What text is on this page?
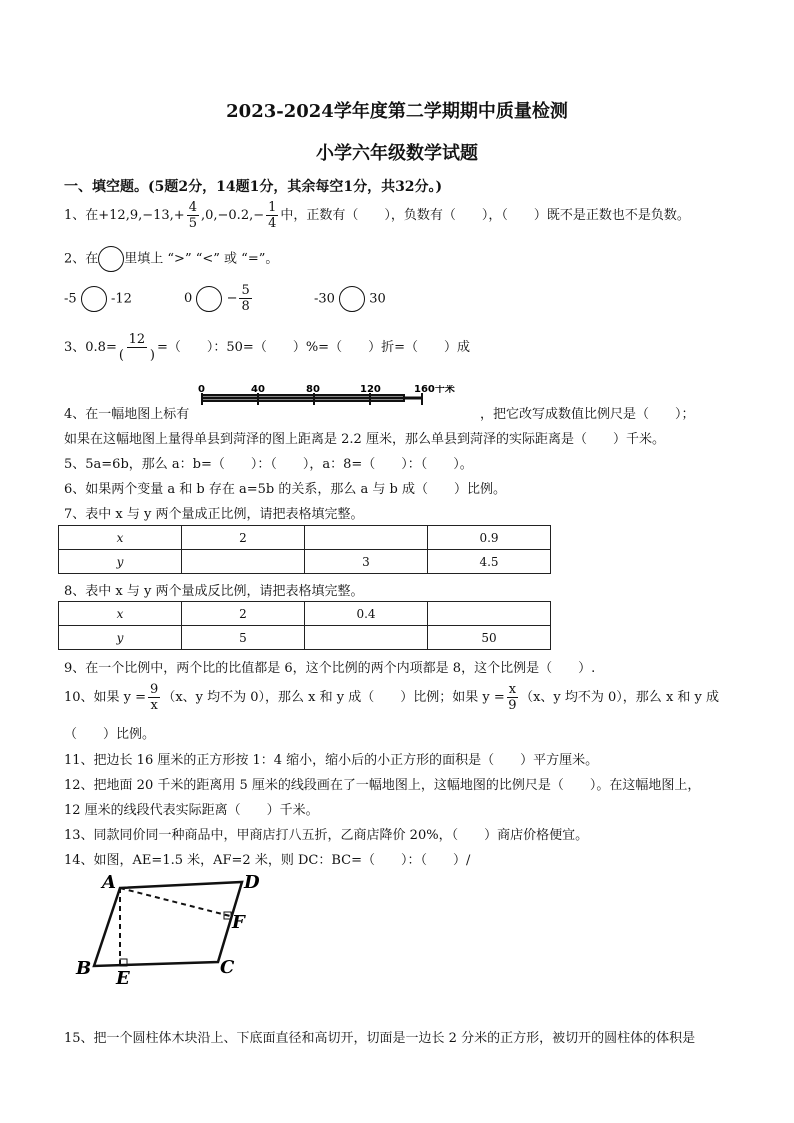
2023-2024学年度第二学期期中质量检测
小学六年级数学试题
一、填空题。(5题2分，14题1分，其余每空1分，共32分。)
1、在$+12,9,-13,+ \frac{4}{5} ,0,-0.2,- \frac{1}{4}$ 中，正数有（　　），负数有（　　），（　　）既不是正数也不是负数。
2、在 里填上 “>” “<” 或 “=”。
-5	-12	0	− $\frac{5}{8}$	-30	30
3、$0.8= \frac{12}{( )}$ =（　　）：50=（　　）%=（　　）折=（　　）成
0	40	80	120	160千米
4、在一幅地图上标有	，把它改写成数值比例尺是（　　）；
如果在这幅地图上量得单县到菏泽的图上距离是 2.2 厘米，那么单县到菏泽的实际距离是（　　）千米。
5、5a=6b，那么 a：b=（　　）：（　　），a：8=（　　）：（　　）。
6、如果两个变量 a 和 b 存在 a=5b 的关系，那么 a 与 b 成（　　）比例。
7、表中 x 与 y 两个量成正比例，请把表格填完整。
x	2		0.9
y		3	4.5
8、表中 x 与 y 两个量成反比例，请把表格填完整。
x	2	0.4	
y	5		50
9、在一个比例中，两个比的比值都是 6，这个比例的两个内项都是 8，这个比例是（　　）.
10、如果 $y = \frac{9}{x} (x$、y 均不为 0），那么 x 和 y 成（　　）比例；如果 $y = \frac{x}{9} (x$、y 均不为 0），那么 x 和 y 成
（　　）比例。
11、把边长 16 厘米的正方形按 1：4 缩小，缩小后的小正方形的面积是（　　）平方厘米。
12、把地面 20 千米的距离用 5 厘米的线段画在了一幅地图上，这幅地图的比例尺是（　　）。在这幅地图上，
12 厘米的线段代表实际距离（　　）千米。
13、同款同价同一种商品中，甲商店打八五折，乙商店降价 20%，（　　）商店价格便宜。
14、如图，AE=1.5 米，AF=2 米，则 DC：BC=（　　）：（　　）/
A	D
F
B E
C
15、把一个圆柱体木块沿上、下底面直径和高切开，切面是一边长 2 分米的正方形，被切开的圆柱体的体积是
